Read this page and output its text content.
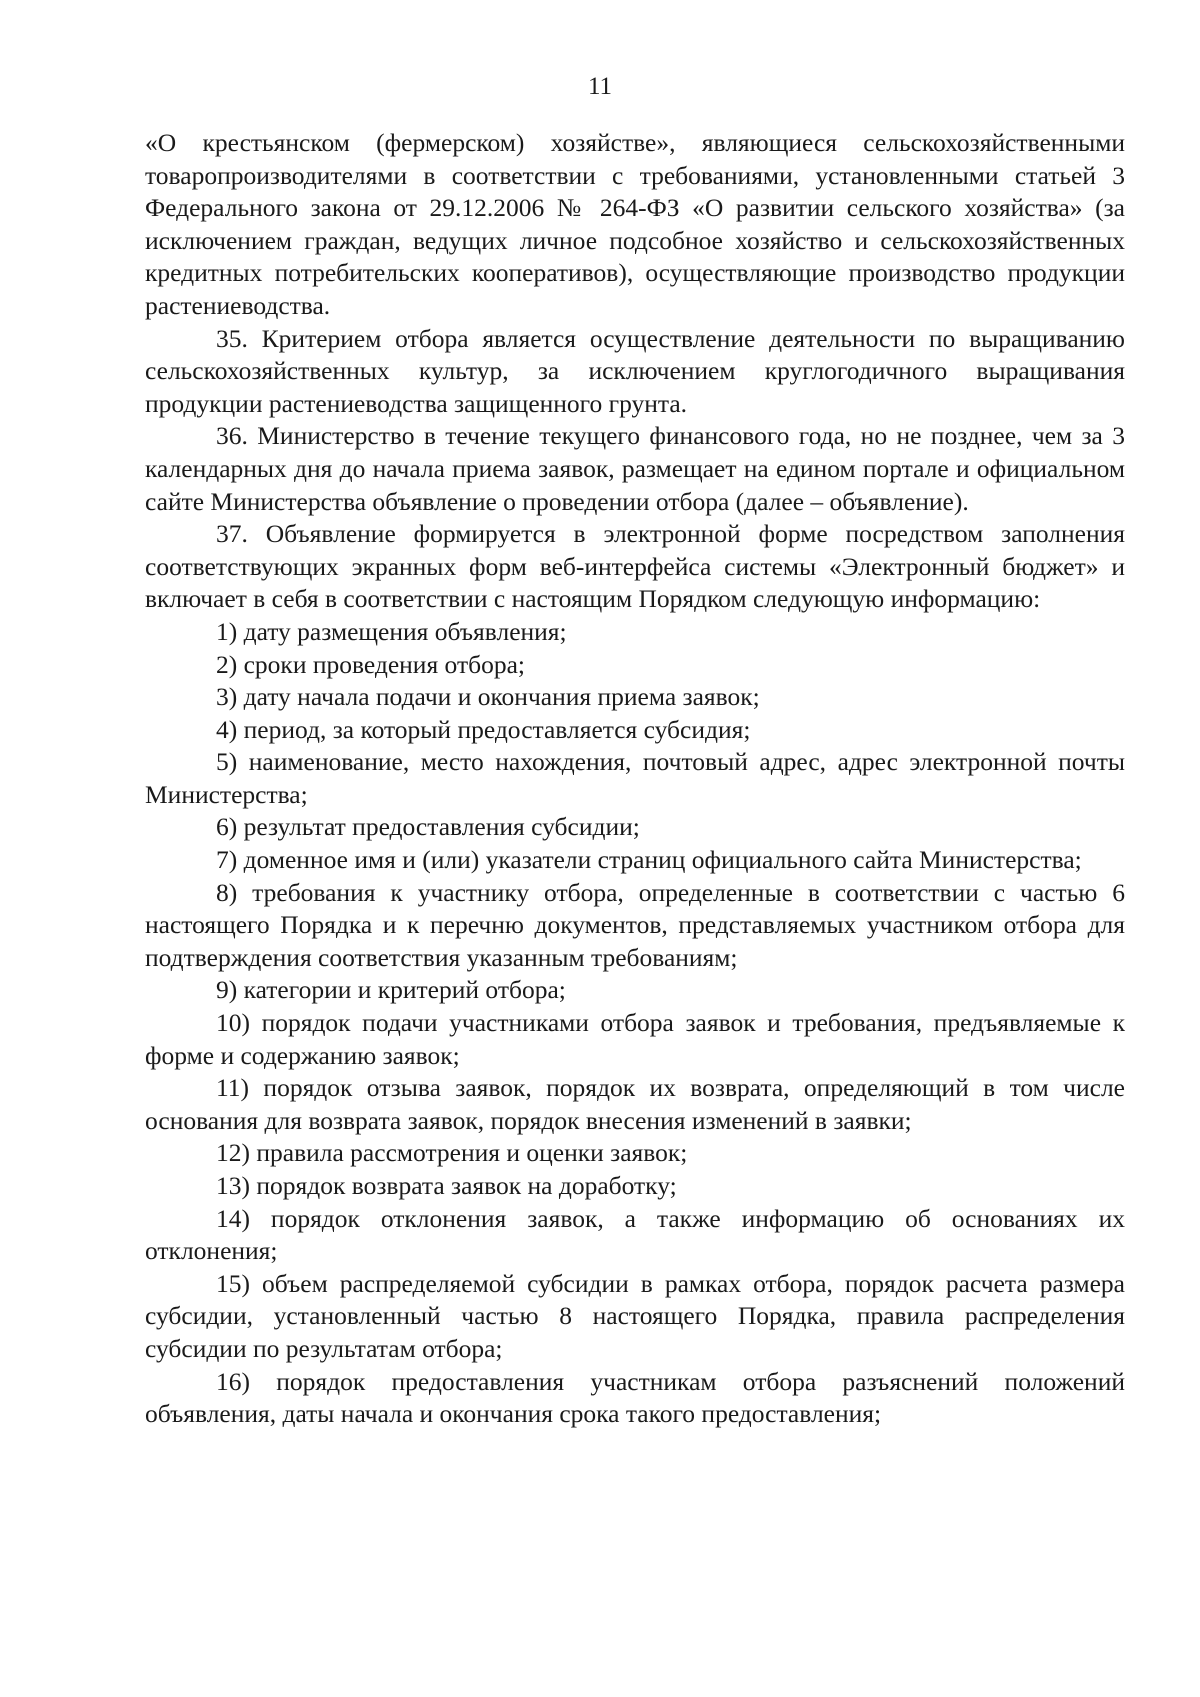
11

«О крестьянском (фермерском) хозяйстве», являющиеся сельскохозяйственными товаропроизводителями в соответствии с требованиями, установленными статьей 3 Федерального закона от 29.12.2006 № 264-ФЗ «О развитии сельского хозяйства» (за исключением граждан, ведущих личное подсобное хозяйство и сельскохозяйственных кредитных потребительских кооперативов), осуществляющие производство продукции растениеводства.

35. Критерием отбора является осуществление деятельности по выращиванию сельскохозяйственных культур, за исключением круглогодичного выращивания продукции растениеводства защищенного грунта.

36. Министерство в течение текущего финансового года, но не позднее, чем за 3 календарных дня до начала приема заявок, размещает на едином портале и официальном сайте Министерства объявление о проведении отбора (далее – объявление).

37. Объявление формируется в электронной форме посредством заполнения соответствующих экранных форм веб-интерфейса системы «Электронный бюджет» и включает в себя в соответствии с настоящим Порядком следующую информацию:

1) дату размещения объявления;

2) сроки проведения отбора;

3) дату начала подачи и окончания приема заявок;

4) период, за который предоставляется субсидия;

5) наименование, место нахождения, почтовый адрес, адрес электронной почты Министерства;

6) результат предоставления субсидии;

7) доменное имя и (или) указатели страниц официального сайта Министерства;

8) требования к участнику отбора, определенные в соответствии с частью 6 настоящего Порядка и к перечню документов, представляемых участником отбора для подтверждения соответствия указанным требованиям;

9) категории и критерий отбора;

10) порядок подачи участниками отбора заявок и требования, предъявляемые к форме и содержанию заявок;

11) порядок отзыва заявок, порядок их возврата, определяющий в том числе основания для возврата заявок, порядок внесения изменений в заявки;

12) правила рассмотрения и оценки заявок;

13) порядок возврата заявок на доработку;

14) порядок отклонения заявок, а также информацию об основаниях их отклонения;

15) объем распределяемой субсидии в рамках отбора, порядок расчета размера субсидии, установленный частью 8 настоящего Порядка, правила распределения субсидии по результатам отбора;

16) порядок предоставления участникам отбора разъяснений положений объявления, даты начала и окончания срока такого предоставления;
